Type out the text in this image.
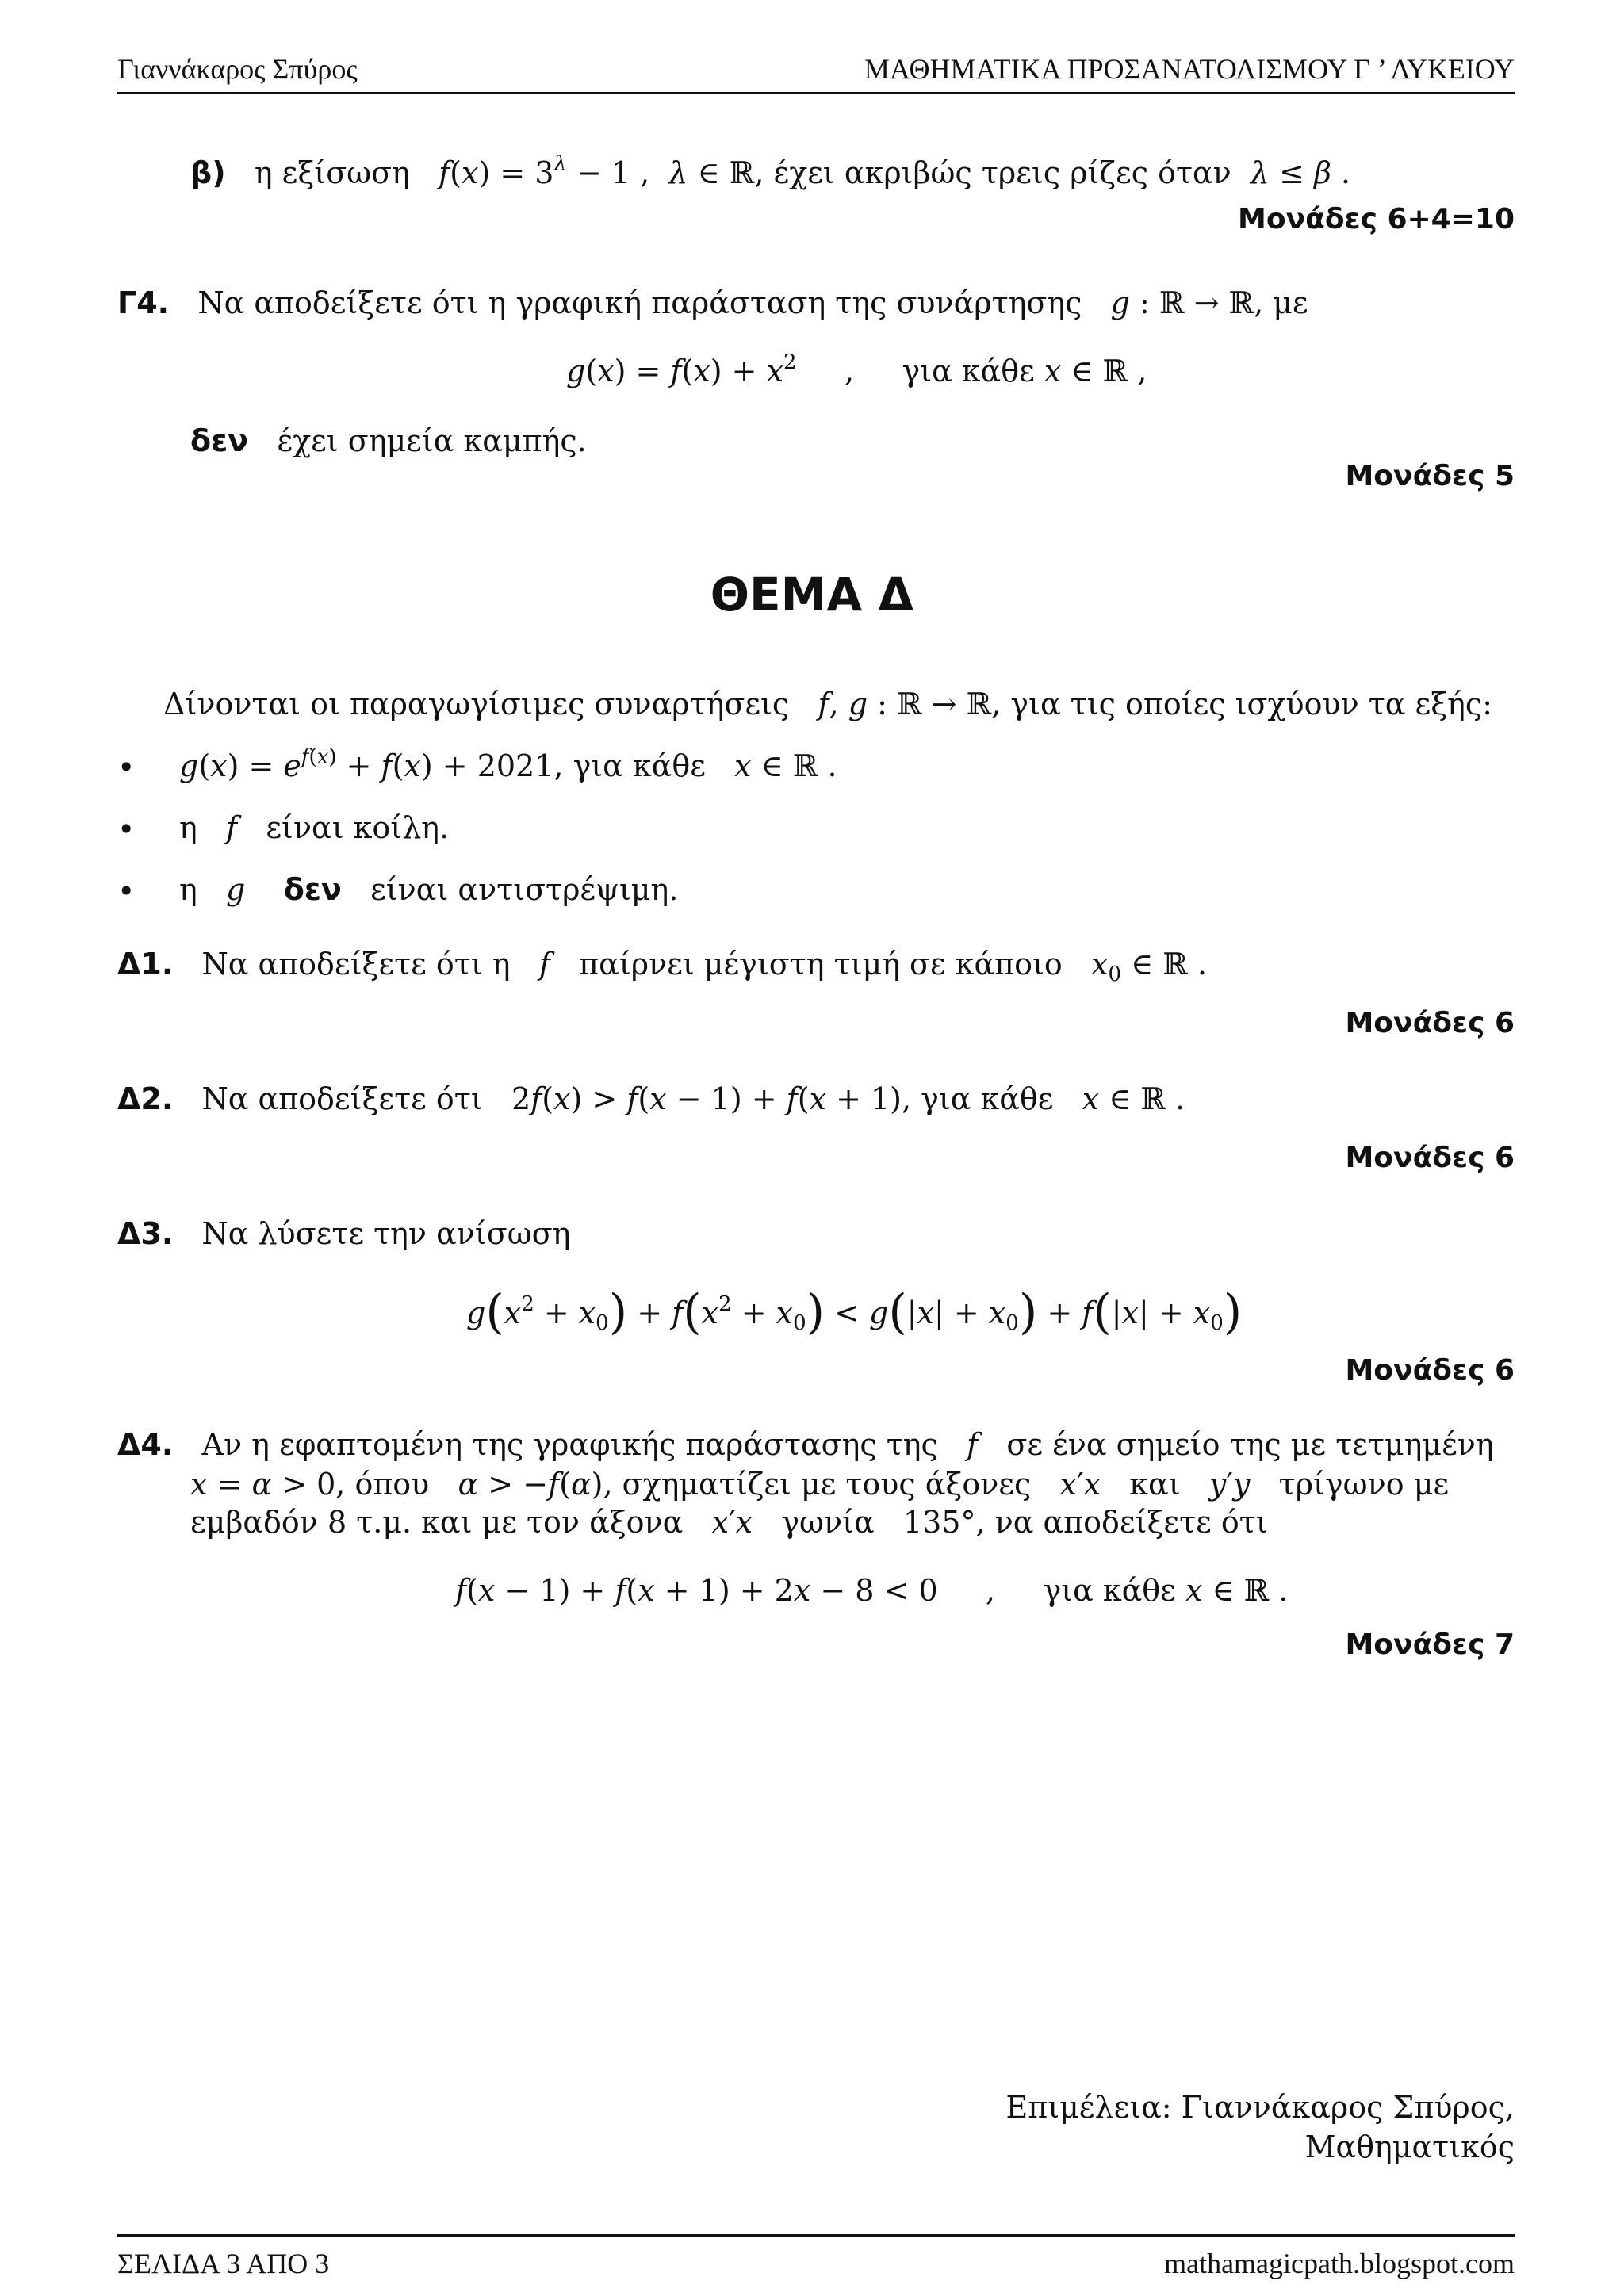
Γιαννάκαρος Σπύρος	ΜΑΘΗΜΑΤΙΚΑ ΠΡΟΣΑΝΑΤΟΛΙΣΜΟΥ Γ ’ ΛΥΚΕΙΟΥ
β) η εξίσωση $f(x) = 3^\lambda - 1$ ,  λ ∈ ℝ, έχει ακριβώς τρεις ρίζες όταν λ ≤ β .
Μονάδες 6+4=10
Γ4. Να αποδείξετε ότι η γραφική παράσταση της συνάρτησης g : ℝ → ℝ, με
$g(x) = f(x) + x^2$     ,     για κάθε x ∈ ℝ ,
δεν έχει σημεία καμπής.
Μονάδες 5
ΘΕΜΑ Δ
Δίνονται οι παραγωγίσιμες συναρτήσεις f, g : ℝ → ℝ, για τις οποίες ισχύουν τα εξής:
• $g(x) = e^{f(x)} + f(x) + 2021$, για κάθε x ∈ ℝ .
• η f είναι κοίλη.
• η g δεν είναι αντιστρέψιμη.
Δ1. Να αποδείξετε ότι η f παίρνει μέγιστη τιμή σε κάποιο $x_0$ ∈ ℝ .
Μονάδες 6
Δ2. Να αποδείξετε ότι   2f(x) > f(x − 1) + f(x + 1), για κάθε x ∈ ℝ .
Μονάδες 6
Δ3. Να λύσετε την ανίσωση
$g(x^2 + x_0) + f(x^2 + x_0) < g(|x| + x_0) + f(|x| + x_0)$
Μονάδες 6
Δ4. Αν η εφαπτομένη της γραφικής παράστασης της f σε ένα σημείο της με τετμημένη
x = α > 0, όπου α > −f(α), σχηματίζει με τους άξονες x′x και y′y τρίγωνο με
εμβαδόν 8 τ.μ. και με τον άξονα x′x γωνία   135°, να αποδείξετε ότι
f(x − 1) + f(x + 1) + 2x − 8 < 0     ,     για κάθε x ∈ ℝ .
Μονάδες 7
Επιμέλεια: Γιαννάκαρος Σπύρος,
Μαθηματικός
ΣΕΛΙΔΑ 3 ΑΠΟ 3	mathamagicpath.blogspot.com
